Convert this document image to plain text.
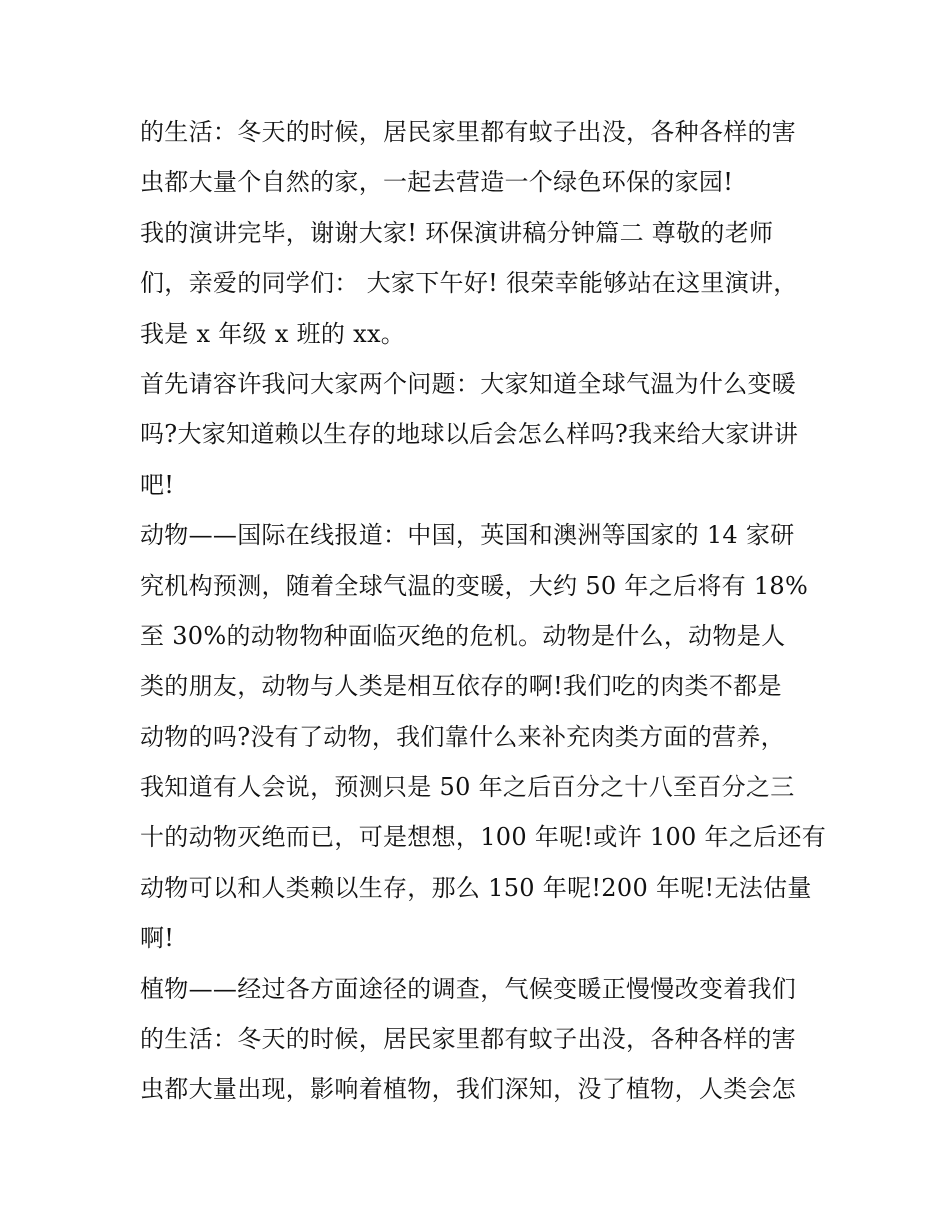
的生活：冬天的时候，居民家里都有蚊子出没，各种各样的害
虫都大量个自然的家，一起去营造一个绿色环保的家园!
我的演讲完毕，谢谢大家! 环保演讲稿分钟篇二 尊敬的老师
们，亲爱的同学们： 大家下午好! 很荣幸能够站在这里演讲，
我是 x 年级 x 班的 xx。
首先请容许我问大家两个问题：大家知道全球气温为什么变暖
吗?大家知道赖以生存的地球以后会怎么样吗?我来给大家讲讲
吧!
动物——国际在线报道：中国，英国和澳洲等国家的 14 家研
究机构预测，随着全球气温的变暖，大约 50 年之后将有 18%
至 30%的动物物种面临灭绝的危机。动物是什么，动物是人
类的朋友，动物与人类是相互依存的啊!我们吃的肉类不都是
动物的吗?没有了动物，我们靠什么来补充肉类方面的营养，
我知道有人会说，预测只是 50 年之后百分之十八至百分之三
十的动物灭绝而已，可是想想，100 年呢!或许 100 年之后还有
动物可以和人类赖以生存，那么 150 年呢!200 年呢!无法估量
啊!
植物——经过各方面途径的调查，气候变暖正慢慢改变着我们
的生活：冬天的时候，居民家里都有蚊子出没，各种各样的害
虫都大量出现，影响着植物，我们深知，没了植物，人类会怎
